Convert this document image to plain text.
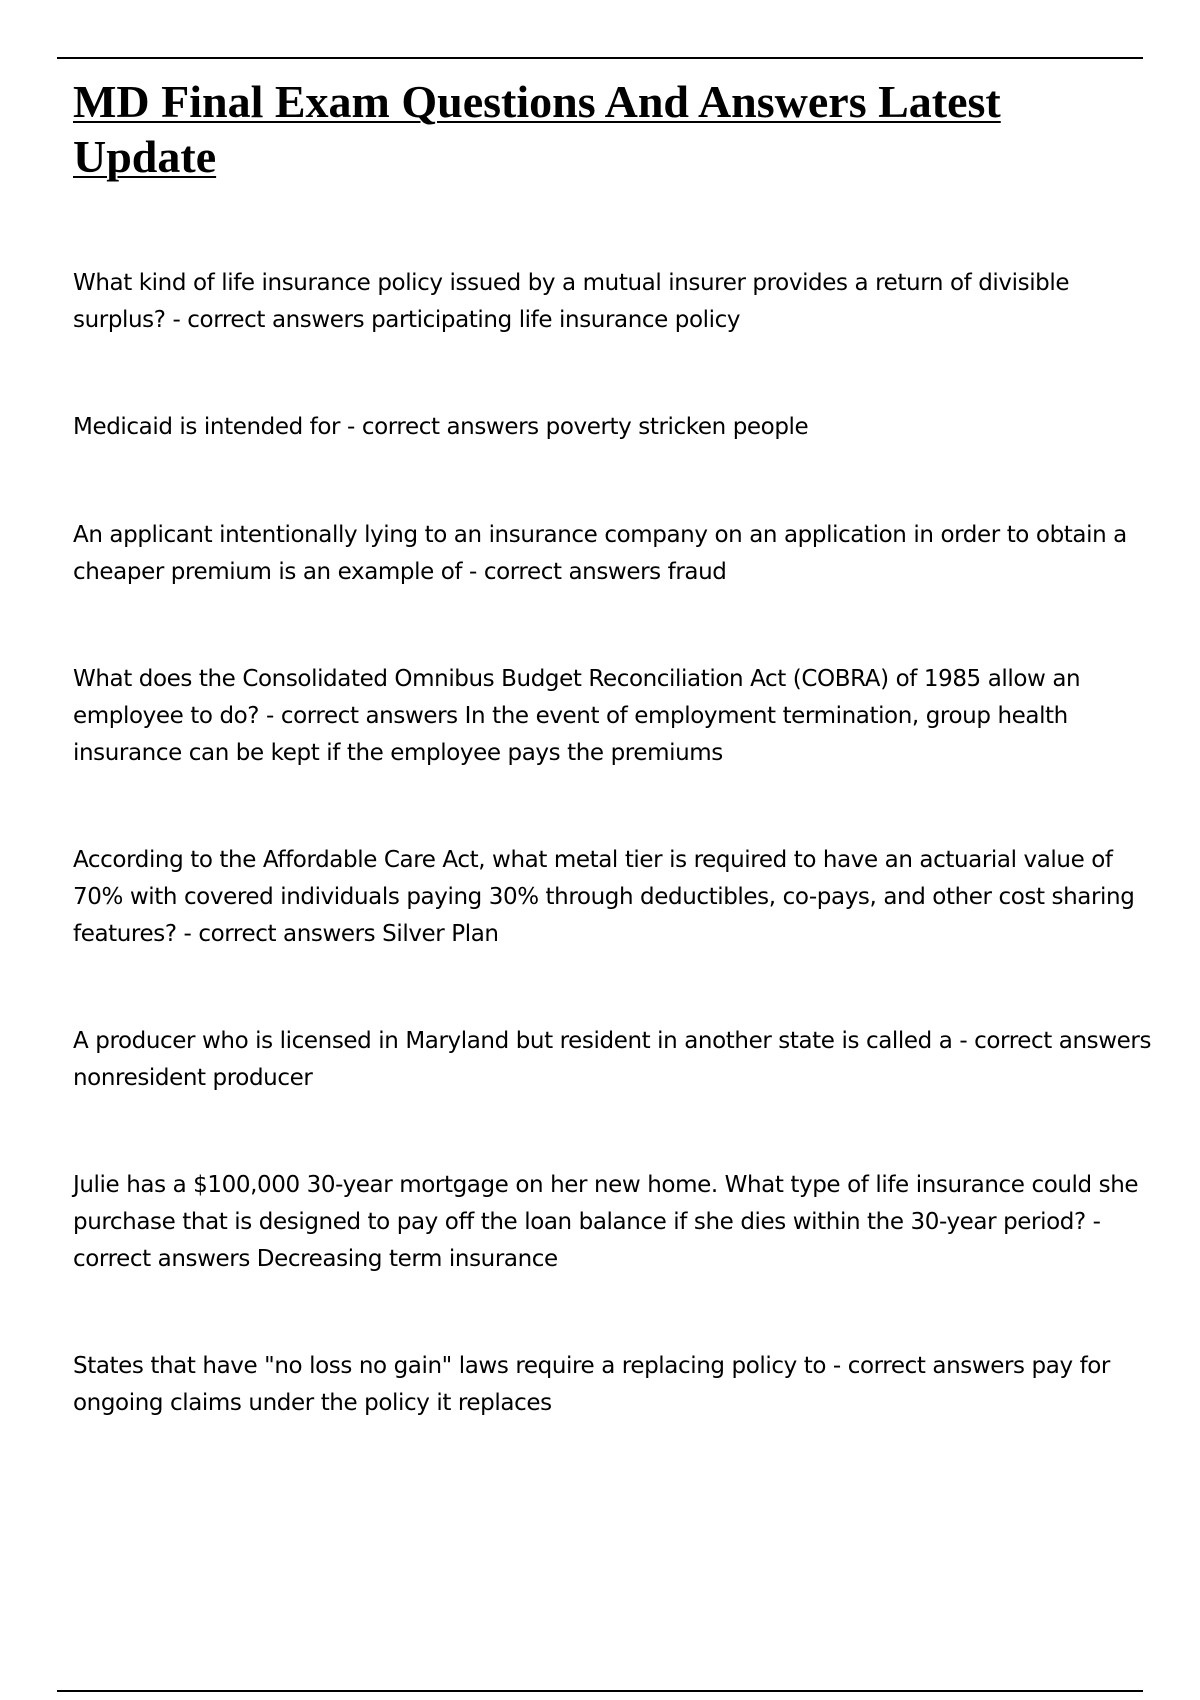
MD Final Exam Questions And Answers Latest Update

What kind of life insurance policy issued by a mutual insurer provides a return of divisible surplus? - correct answers participating life insurance policy

Medicaid is intended for - correct answers poverty stricken people

An applicant intentionally lying to an insurance company on an application in order to obtain a cheaper premium is an example of - correct answers fraud

What does the Consolidated Omnibus Budget Reconciliation Act (COBRA) of 1985 allow an employee to do? - correct answers In the event of employment termination, group health insurance can be kept if the employee pays the premiums

According to the Affordable Care Act, what metal tier is required to have an actuarial value of 70% with covered individuals paying 30% through deductibles, co-pays, and other cost sharing features? - correct answers Silver Plan

A producer who is licensed in Maryland but resident in another state is called a - correct answers nonresident producer

Julie has a $100,000 30-year mortgage on her new home. What type of life insurance could she purchase that is designed to pay off the loan balance if she dies within the 30-year period? - correct answers Decreasing term insurance

States that have "no loss no gain" laws require a replacing policy to - correct answers pay for ongoing claims under the policy it replaces
